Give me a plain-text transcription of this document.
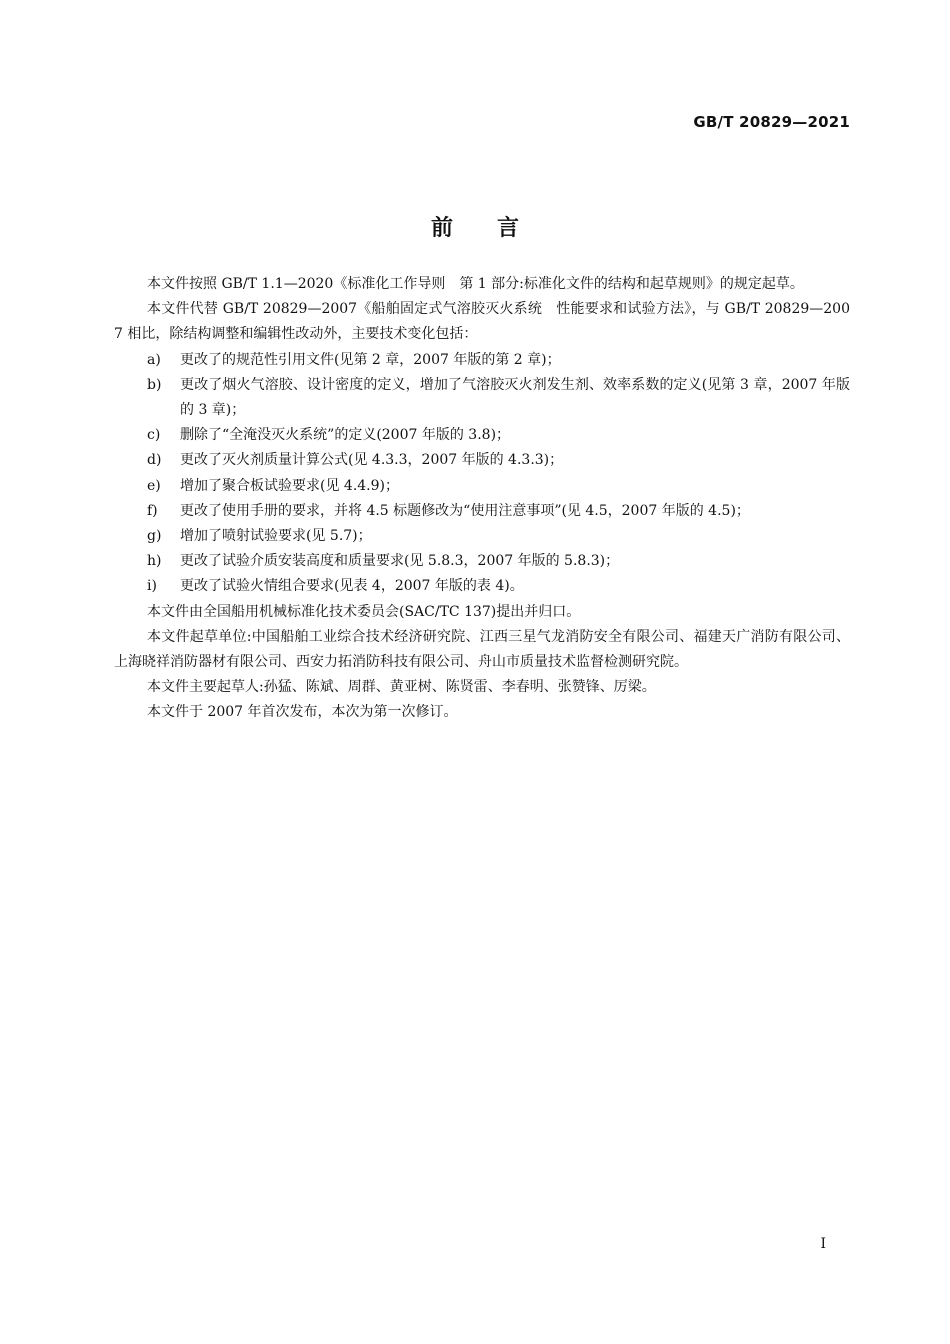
GB/T 20829—2021
前言

本文件按照 GB/T 1.1—2020《标准化工作导则　第 1 部分:标准化文件的结构和起草规则》的规定起草。

本文件代替 GB/T 20829—2007《船舶固定式气溶胶灭火系统　性能要求和试验方法》，与 GB/T 20829—2007 相比，除结构调整和编辑性改动外，主要技术变化包括：

a) 更改了的规范性引用文件(见第 2 章，2007 年版的第 2 章)；

b) 更改了烟火气溶胶、设计密度的定义，增加了气溶胶灭火剂发生剂、效率系数的定义(见第 3 章，2007 年版的 3 章)；

c) 删除了“全淹没灭火系统”的定义(2007 年版的 3.8)；

d) 更改了灭火剂质量计算公式(见 4.3.3，2007 年版的 4.3.3)；

e) 增加了聚合板试验要求(见 4.4.9)；

f) 更改了使用手册的要求，并将 4.5 标题修改为“使用注意事项”(见 4.5，2007 年版的 4.5)；

g) 增加了喷射试验要求(见 5.7)；

h) 更改了试验介质安装高度和质量要求(见 5.8.3，2007 年版的 5.8.3)；

i) 更改了试验火情组合要求(见表 4，2007 年版的表 4)。

本文件由全国船用机械标准化技术委员会(SAC/TC 137)提出并归口。

本文件起草单位:中国船舶工业综合技术经济研究院、江西三星气龙消防安全有限公司、福建天广消防有限公司、上海晓祥消防器材有限公司、西安力拓消防科技有限公司、舟山市质量技术监督检测研究院。

本文件主要起草人:孙猛、陈斌、周群、黄亚树、陈贤雷、李春明、张赞锋、厉梁。

本文件于 2007 年首次发布，本次为第一次修订。

I
